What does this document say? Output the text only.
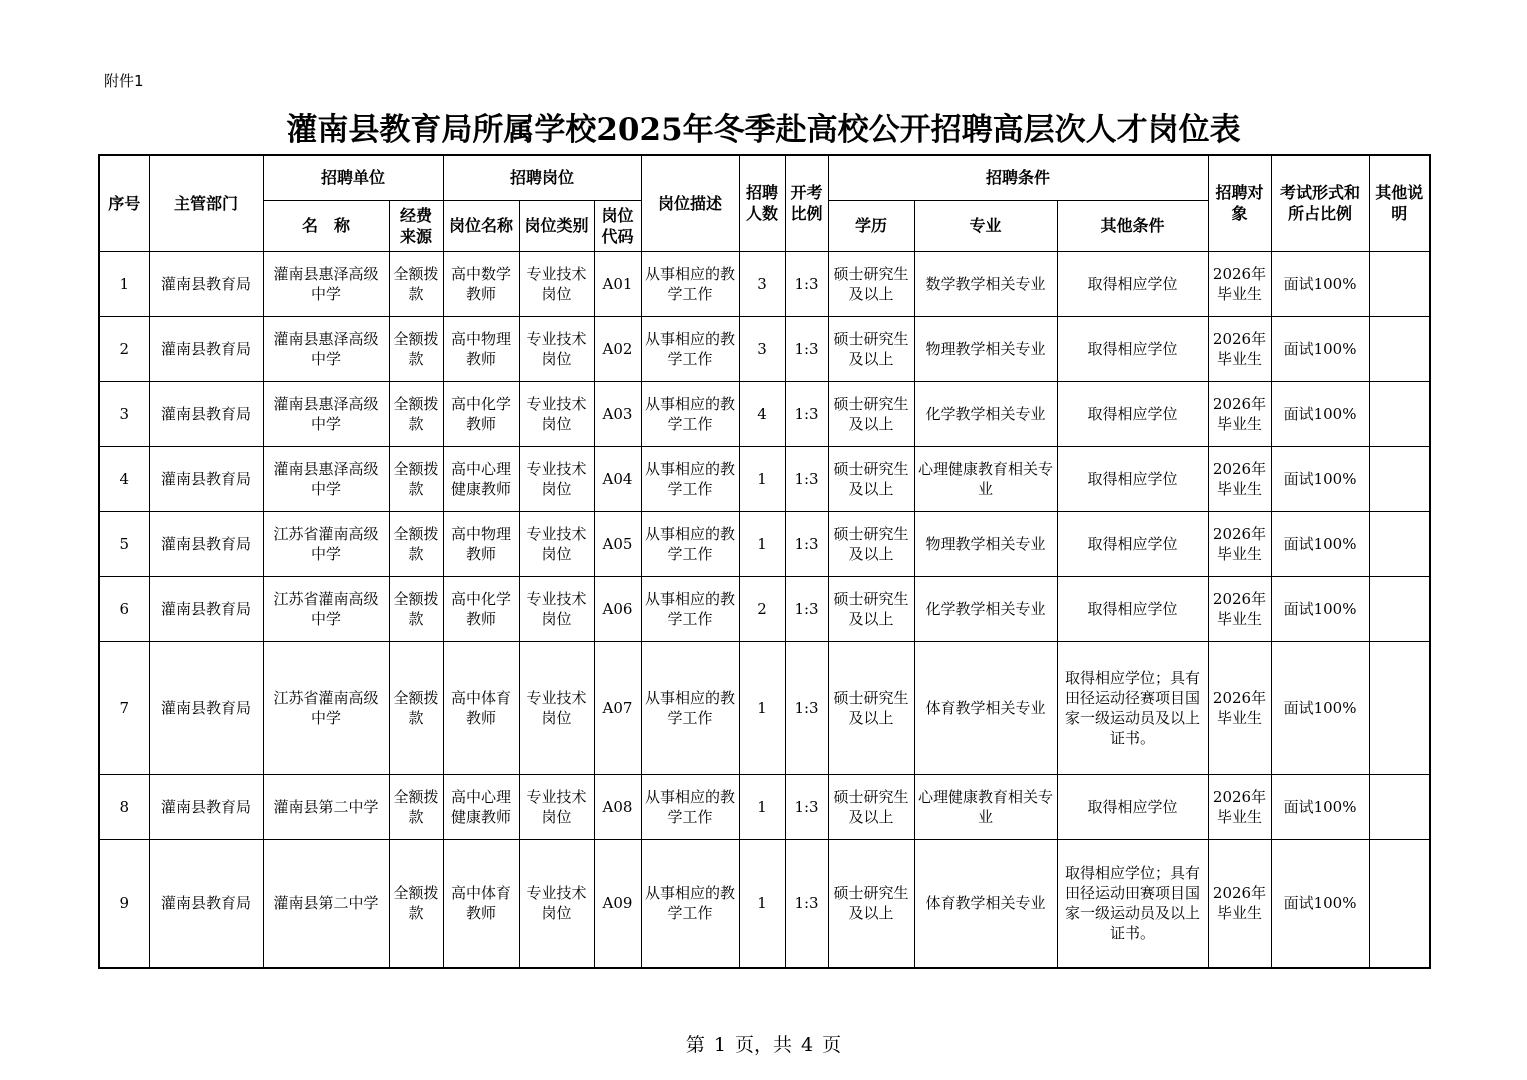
附件1
灌南县教育局所属学校2025年冬季赴高校公开招聘高层次人才岗位表
序号	主管部门	招聘单位		招聘岗位			岗位描述	招聘人数	开考比例	招聘条件			招聘对象	考试形式和所占比例	其他说明
		名　称	经费来源	岗位名称	岗位类别	岗位代码				学历	专业	其他条件			
1	灌南县教育局	灌南县惠泽高级中学	全额拨款	高中数学教师	专业技术岗位	A01	从事相应的教学工作	3	1:3	硕士研究生及以上	数学教学相关专业	取得相应学位	2026年毕业生	面试100%	
2	灌南县教育局	灌南县惠泽高级中学	全额拨款	高中物理教师	专业技术岗位	A02	从事相应的教学工作	3	1:3	硕士研究生及以上	物理教学相关专业	取得相应学位	2026年毕业生	面试100%	
3	灌南县教育局	灌南县惠泽高级中学	全额拨款	高中化学教师	专业技术岗位	A03	从事相应的教学工作	4	1:3	硕士研究生及以上	化学教学相关专业	取得相应学位	2026年毕业生	面试100%	
4	灌南县教育局	灌南县惠泽高级中学	全额拨款	高中心理健康教师	专业技术岗位	A04	从事相应的教学工作	1	1:3	硕士研究生及以上	心理健康教育相关专业	取得相应学位	2026年毕业生	面试100%	
5	灌南县教育局	江苏省灌南高级中学	全额拨款	高中物理教师	专业技术岗位	A05	从事相应的教学工作	1	1:3	硕士研究生及以上	物理教学相关专业	取得相应学位	2026年毕业生	面试100%	
6	灌南县教育局	江苏省灌南高级中学	全额拨款	高中化学教师	专业技术岗位	A06	从事相应的教学工作	2	1:3	硕士研究生及以上	化学教学相关专业	取得相应学位	2026年毕业生	面试100%	
7	灌南县教育局	江苏省灌南高级中学	全额拨款	高中体育教师	专业技术岗位	A07	从事相应的教学工作	1	1:3	硕士研究生及以上	体育教学相关专业	取得相应学位；具有田径运动径赛项目国家一级运动员及以上证书。	2026年毕业生	面试100%	
8	灌南县教育局	灌南县第二中学	全额拨款	高中心理健康教师	专业技术岗位	A08	从事相应的教学工作	1	1:3	硕士研究生及以上	心理健康教育相关专业	取得相应学位	2026年毕业生	面试100%	
9	灌南县教育局	灌南县第二中学	全额拨款	高中体育教师	专业技术岗位	A09	从事相应的教学工作	1	1:3	硕士研究生及以上	体育教学相关专业	取得相应学位；具有田径运动田赛项目国家一级运动员及以上证书。	2026年毕业生	面试100%	
第 1 页，共 4 页
